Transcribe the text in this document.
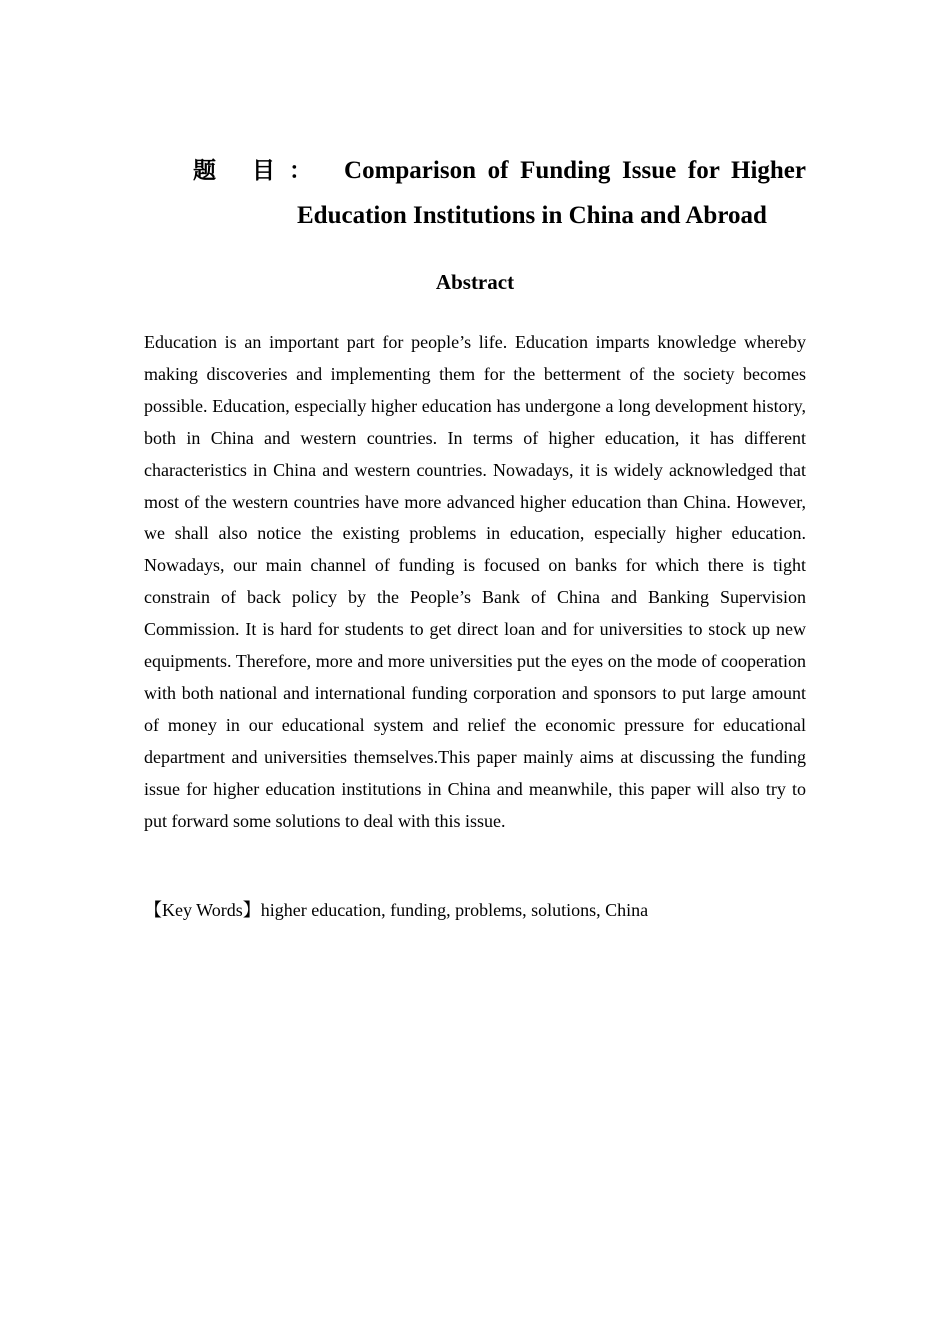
题 目： Comparison of Funding Issue for Higher
Education Institutions in China and Abroad
Abstract

Education is an important part for people’s life. Education imparts knowledge whereby making discoveries and implementing them for the betterment of the society becomes possible. Education, especially higher education has undergone a long development history, both in China and western countries. In terms of higher education, it has different characteristics in China and western countries. Nowadays, it is widely acknowledged that most of the western countries have more advanced higher education than China. However, we shall also notice the existing problems in education, especially higher education. Nowadays, our main channel of funding is focused on banks for which there is tight constrain of back policy by the People’s Bank of China and Banking Supervision Commission. It is hard for students to get direct loan and for universities to stock up new equipments. Therefore, more and more universities put the eyes on the mode of cooperation with both national and international funding corporation and sponsors to put large amount of money in our educational system and relief the economic pressure for educational department and universities themselves.This paper mainly aims at discussing the funding issue for higher education institutions in China and meanwhile, this paper will also try to put forward some solutions to deal with this issue.

【Key Words】higher education, funding, problems, solutions, China
